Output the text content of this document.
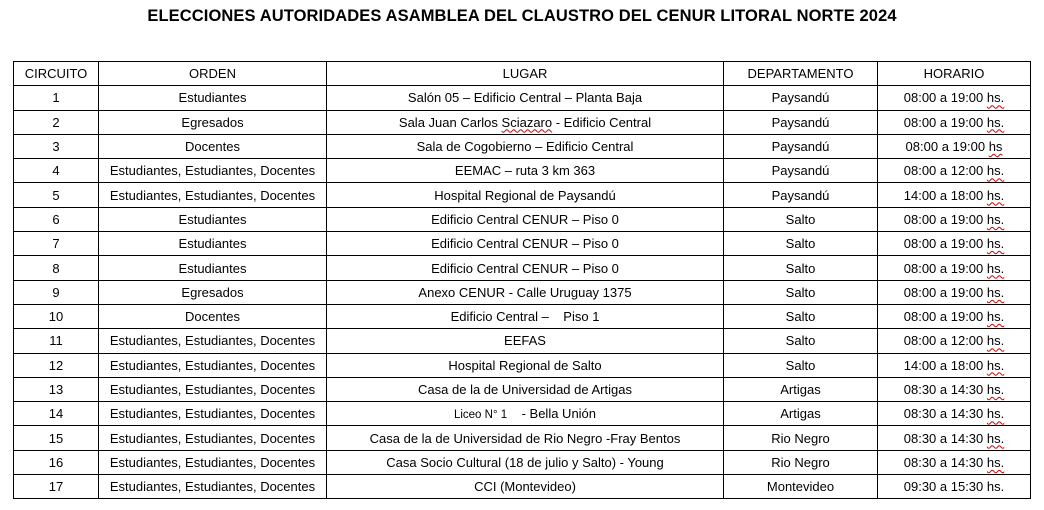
ELECCIONES AUTORIDADES ASAMBLEA DEL CLAUSTRO DEL CENUR LITORAL NORTE 2024
CIRCUITO	ORDEN	LUGAR	DEPARTAMENTO	HORARIO
1	Estudiantes	Salón 05 – Edificio Central – Planta Baja	Paysandú	08:00 a 19:00 hs.
2	Egresados	Sala Juan Carlos Sciazaro - Edificio Central	Paysandú	08:00 a 19:00 hs.
3	Docentes	Sala de Cogobierno – Edificio Central	Paysandú	08:00 a 19:00 hs
4	Estudiantes, Estudiantes, Docentes	EEMAC – ruta 3 km 363	Paysandú	08:00 a 12:00 hs.
5	Estudiantes, Estudiantes, Docentes	Hospital Regional de Paysandú	Paysandú	14:00 a 18:00 hs.
6	Estudiantes	Edificio Central CENUR – Piso 0	Salto	08:00 a 19:00 hs.
7	Estudiantes	Edificio Central CENUR – Piso 0	Salto	08:00 a 19:00 hs.
8	Estudiantes	Edificio Central CENUR – Piso 0	Salto	08:00 a 19:00 hs.
9	Egresados	Anexo CENUR - Calle Uruguay 1375	Salto	08:00 a 19:00 hs.
10	Docentes	Edificio Central – Piso 1	Salto	08:00 a 19:00 hs.
11	Estudiantes, Estudiantes, Docentes	EEFAS	Salto	08:00 a 12:00 hs.
12	Estudiantes, Estudiantes, Docentes	Hospital Regional de Salto	Salto	14:00 a 18:00 hs.
13	Estudiantes, Estudiantes, Docentes	Casa de la de Universidad de Artigas	Artigas	08:30 a 14:30 hs.
14	Estudiantes, Estudiantes, Docentes	Liceo N° 1 - Bella Unión	Artigas	08:30 a 14:30 hs.
15	Estudiantes, Estudiantes, Docentes	Casa de la de Universidad de Rio Negro -Fray Bentos	Rio Negro	08:30 a 14:30 hs.
16	Estudiantes, Estudiantes, Docentes	Casa Socio Cultural (18 de julio y Salto) - Young	Rio Negro	08:30 a 14:30 hs.
17	Estudiantes, Estudiantes, Docentes	CCI (Montevideo)	Montevideo	09:30 a 15:30 hs.
